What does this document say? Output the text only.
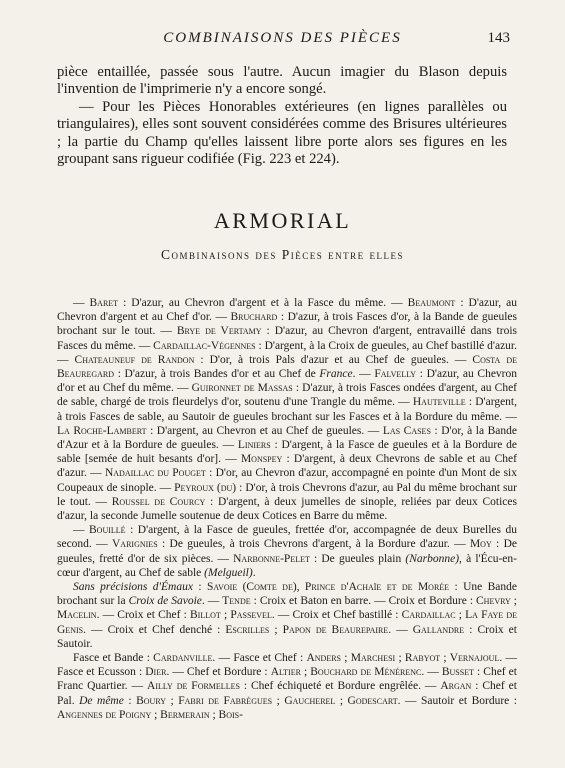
COMBINAISONS DES PIÈCES	143

pièce entaillée, passée sous l'autre. Aucun imagier du Blason depuis l'invention de l'imprimerie n'y a encore songé.

— Pour les Pièces Honorables extérieures (en lignes parallèles ou triangulaires), elles sont souvent considérées comme des Brisures ultérieures ; la partie du Champ qu'elles laissent libre porte alors ses figures en les groupant sans rigueur codifiée (Fig. 223 et 224).

ARMORIAL
Combinaisons des Pièces entre elles

— Baret : D'azur, au Chevron d'argent et à la Fasce du même. — Beaumont : D'azur, au Chevron d'argent et au Chef d'or. — Bruchard : D'azur, à trois Fasces d'or, à la Bande de gueules brochant sur le tout. — Brye de Vertamy : D'azur, au Chevron d'argent, entravaillé dans trois Fasces du même. — Cardaillac-Végennes : D'argent, à la Croix de gueules, au Chef bastillé d'azur. — Chateauneuf de Randon : D'or, à trois Pals d'azur et au Chef de gueules. — Costa de Beauregard : D'azur, à trois Bandes d'or et au Chef de France. — Falvelly : D'azur, au Chevron d'or et au Chef du même. — Guironnet de Massas : D'azur, à trois Fasces ondées d'argent, au Chef de sable, chargé de trois fleurdelys d'or, soutenu d'une Trangle du même. — Hauteville : D'argent, à trois Fasces de sable, au Sautoir de gueules brochant sur les Fasces et à la Bordure du même. — La Roche-Lambert : D'argent, au Chevron et au Chef de gueules. — Las Cases : D'or, à la Bande d'Azur et à la Bordure de gueules. — Liniers : D'argent, à la Fasce de gueules et à la Bordure de sable [semée de huit besants d'or]. — Monspey : D'argent, à deux Chevrons de sable et au Chef d'azur. — Nadaillac du Pouget : D'or, au Chevron d'azur, accompagné en pointe d'un Mont de six Coupeaux de sinople. — Peyroux (du) : D'or, à trois Chevrons d'azur, au Pal du même brochant sur le tout. — Roussel de Courcy : D'argent, à deux jumelles de sinople, reliées par deux Cotices d'azur, la seconde Jumelle soutenue de deux Cotices en Barre du même.

— Bouillé : D'argent, à la Fasce de gueules, frettée d'or, accompagnée de deux Burelles du second. — Varignies : De gueules, à trois Chevrons d'argent, à la Bordure d'azur. — Moy : De gueules, fretté d'or de six pièces. — Narbonne-Pelet : De gueules plain (Narbonne), à l'Écu-en-cœur d'argent, au Chef de sable (Melgueil).

Sans précisions d'Émaux : Savoie (Comte de), Prince d'Achaïe et de Morée : Une Bande brochant sur la Croix de Savoie. — Tende : Croix et Baton en barre. — Croix et Bordure : Chevry ; Macelin. — Croix et Chef : Billot ; Passevel. — Croix et Chef bastillé : Cardaillac ; La Faye de Genis. — Croix et Chef denché : Escrilles ; Papon de Beaurepaire. — Gallandre : Croix et Sautoir.

Fasce et Bande : Cardanville. — Fasce et Chef : Anders ; Marchesi ; Rabyot ; Vernajoul. — Fasce et Ecusson : Dier. — Chef et Bordure : Altier ; Bouchard de Ménérenc. — Busset : Chef et Franc Quartier. — Ailly de Formelles : Chef échiqueté et Bordure engrêlée. — Argan : Chef et Pal. De même : Boury ; Fabri de Fabrègues ; Gaucherel ; Godescart. — Sautoir et Bordure : Angennes de Poigny ; Bermerain ; Bois-
